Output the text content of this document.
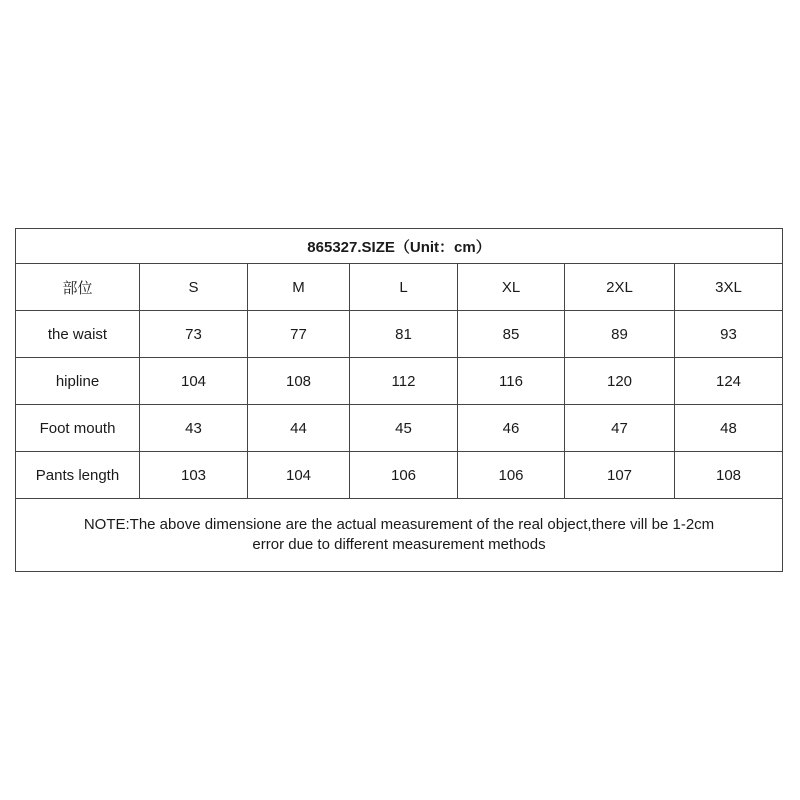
865327.SIZE（Unit：cm）						
部位	S	M	L	XL	2XL	3XL
the waist	73	77	81	85	89	93
hipline	104	108	112	116	120	124
Foot mouth	43	44	45	46	47	48
Pants length	103	104	106	106	107	108

NOTE:The above dimensione are the actual measurement of the real object,there vill be 1-2cm
error due to different measurement methods						
